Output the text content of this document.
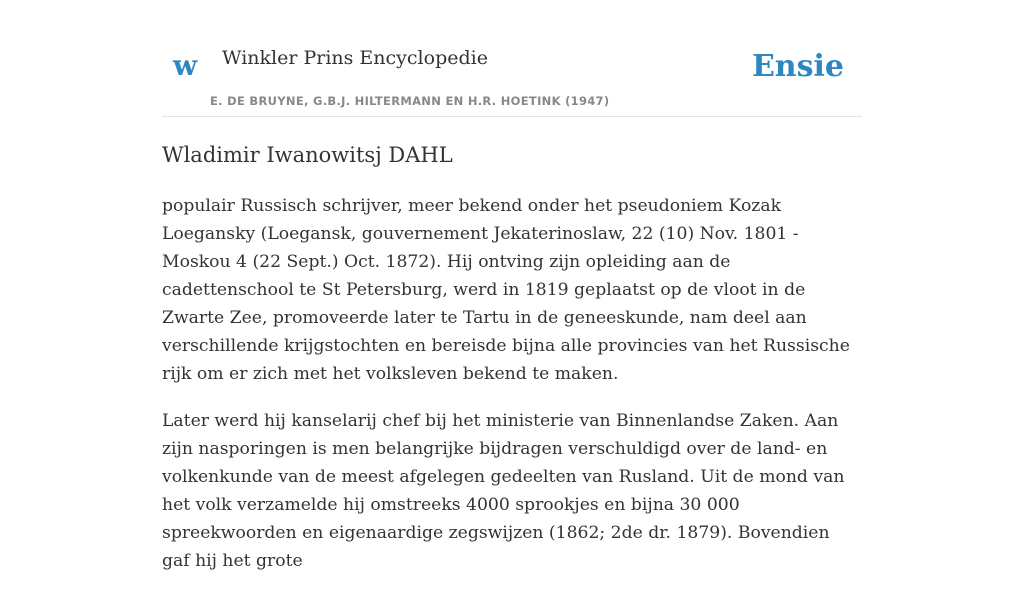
w Winkler Prins Encyclopedie
E. DE BRUYNE, G.B.J. HILTERMANN EN H.R. HOETINK (1947)
Ensie
Wladimir Iwanowitsj DAHL

populair Russisch schrijver, meer bekend onder het pseudoniem Kozak Loegansky (Loegansk, gouvernement Jekaterinoslaw, 22 (10) Nov. 1801 - Moskou 4 (22 Sept.) Oct. 1872). Hij ontving zijn opleiding aan de cadettenschool te St Petersburg, werd in 1819 geplaatst op de vloot in de Zwarte Zee, promoveerde later te Tartu in de geneeskunde, nam deel aan verschillende krijgstochten en bereisde bijna alle provincies van het Russische rijk om er zich met het volksleven bekend te maken.

Later werd hij kanselarij chef bij het ministerie van Binnenlandse Zaken. Aan zijn nasporingen is men belangrijke bijdragen verschuldigd over de land- en volkenkunde van de meest afgelegen gedeelten van Rusland. Uit de mond van het volk verzamelde hij omstreeks 4000 sprookjes en bijna 30 000 spreekwoorden en eigenaardige zegswijzen (1862; 2de dr. 1879). Bovendien gaf hij het grote
